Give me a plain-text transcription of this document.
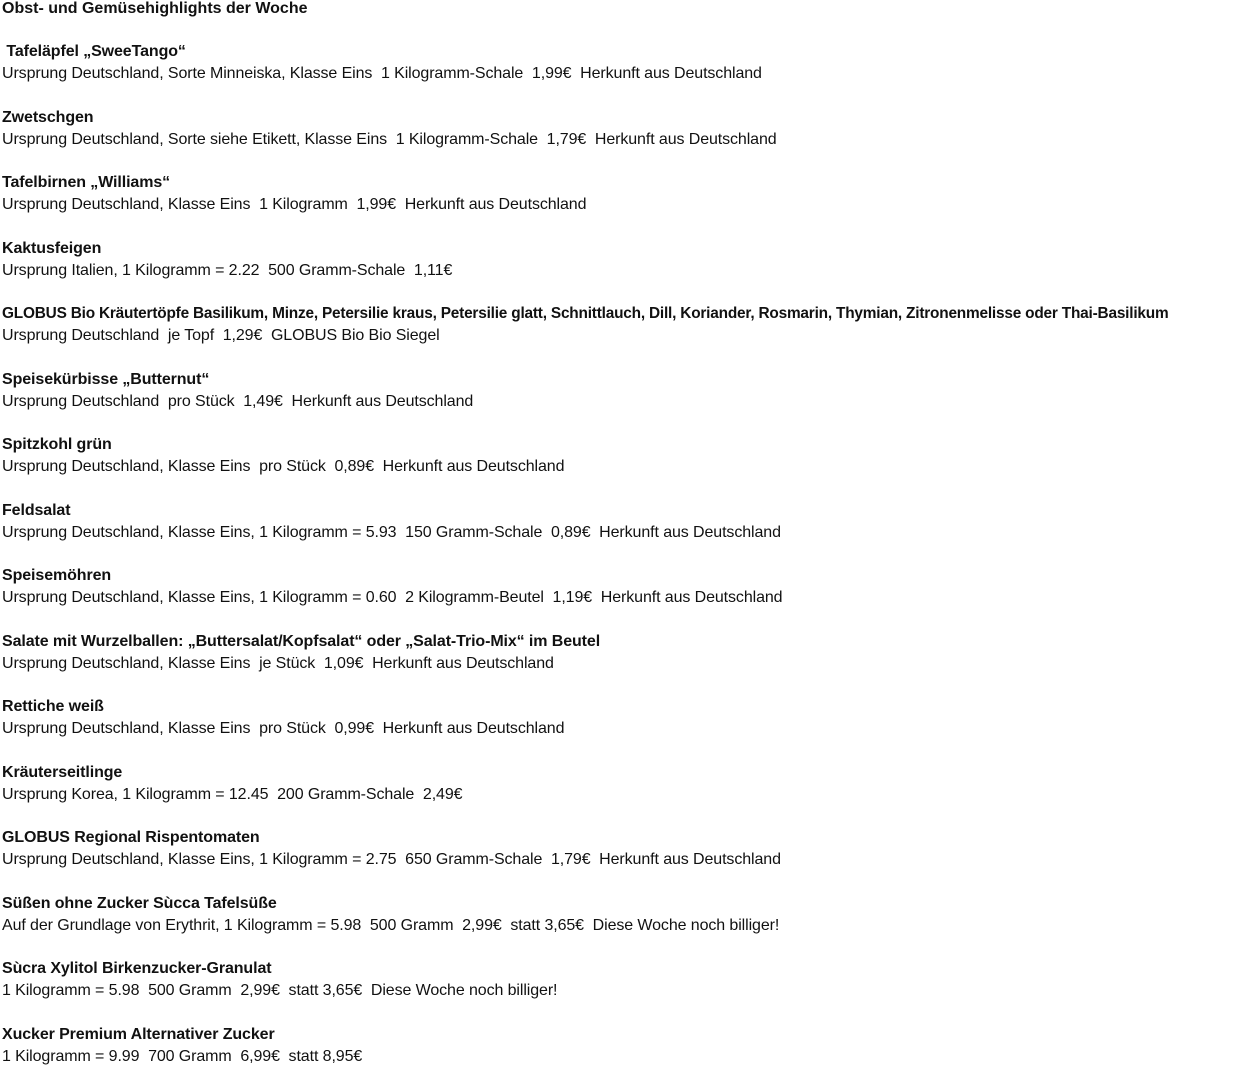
Obst- und Gemüsehighlights der Woche
Tafeläpfel „SweeTango“
Ursprung Deutschland, Sorte Minneiska, Klasse Eins  1 Kilogramm-Schale  1,99€  Herkunft aus Deutschland
Zwetschgen
Ursprung Deutschland, Sorte siehe Etikett, Klasse Eins  1 Kilogramm-Schale  1,79€  Herkunft aus Deutschland
Tafelbirnen „Williams“
Ursprung Deutschland, Klasse Eins  1 Kilogramm  1,99€  Herkunft aus Deutschland
Kaktusfeigen
Ursprung Italien, 1 Kilogramm = 2.22  500 Gramm-Schale  1,11€
GLOBUS Bio Kräutertöpfe Basilikum, Minze, Petersilie kraus, Petersilie glatt, Schnittlauch, Dill, Koriander, Rosmarin, Thymian, Zitronenmelisse oder Thai-Basilikum
Ursprung Deutschland  je Topf  1,29€  GLOBUS Bio Bio Siegel
Speisekürbisse „Butternut“
Ursprung Deutschland  pro Stück  1,49€  Herkunft aus Deutschland
Spitzkohl grün
Ursprung Deutschland, Klasse Eins  pro Stück  0,89€  Herkunft aus Deutschland
Feldsalat
Ursprung Deutschland, Klasse Eins, 1 Kilogramm = 5.93  150 Gramm-Schale  0,89€  Herkunft aus Deutschland
Speisemöhren
Ursprung Deutschland, Klasse Eins, 1 Kilogramm = 0.60  2 Kilogramm-Beutel  1,19€  Herkunft aus Deutschland
Salate mit Wurzelballen: „Buttersalat/Kopfsalat“ oder „Salat-Trio-Mix“ im Beutel
Ursprung Deutschland, Klasse Eins  je Stück  1,09€  Herkunft aus Deutschland
Rettiche weiß
Ursprung Deutschland, Klasse Eins  pro Stück  0,99€  Herkunft aus Deutschland
Kräuterseitlinge
Ursprung Korea, 1 Kilogramm = 12.45  200 Gramm-Schale  2,49€
GLOBUS Regional Rispentomaten
Ursprung Deutschland, Klasse Eins, 1 Kilogramm = 2.75  650 Gramm-Schale  1,79€  Herkunft aus Deutschland
Süßen ohne Zucker Sùcca Tafelsüße
Auf der Grundlage von Erythrit, 1 Kilogramm = 5.98  500 Gramm  2,99€  statt 3,65€  Diese Woche noch billiger!
Sùcra Xylitol Birkenzucker-Granulat
1 Kilogramm = 5.98  500 Gramm  2,99€  statt 3,65€  Diese Woche noch billiger!
Xucker Premium Alternativer Zucker
1 Kilogramm = 9.99  700 Gramm  6,99€  statt 8,95€
